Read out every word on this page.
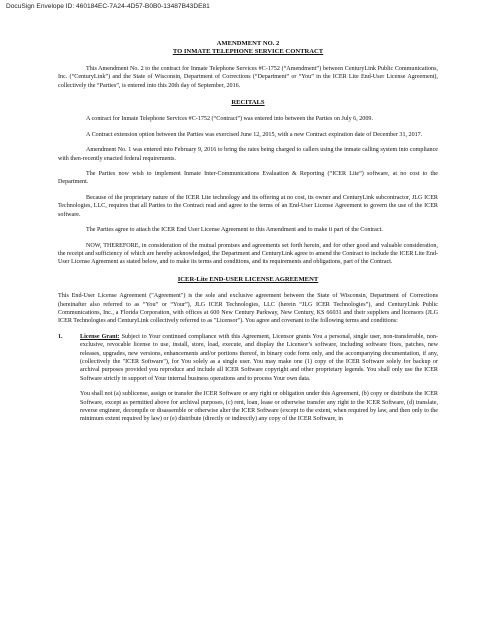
DocuSign Envelope ID: 460184EC-7A24-4D57-B0B0-13487B43DE81
AMENDMENT NO. 2
TO INMATE TELEPHONE SERVICE CONTRACT

This Amendment No. 2 to the contract for Inmate Telephone Services #C-1752 (“Amendment”) between CenturyLink Public Communications, Inc. (“CenturyLink”) and the State of Wisconsin, Department of Corrections (“Department” or “You” in the ICER Lite End-User License Agreement), collectively the “Parties”, is entered into this 20th day of September, 2016.

RECITALS

A contract for Inmate Telephone Services #C-1752 (“Contract”) was entered into between the Parties on July 6, 2009.

A Contract extension option between the Parties was exercised June 12, 2015, with a new Contract expiration date of December 31, 2017.

Amendment No. 1 was entered into February 9, 2016 to bring the rates being charged to callers using the inmate calling system into compliance with then-recently enacted federal requirements.

The Parties now wish to implement Inmate Inter-Communications Evaluation & Reporting (“ICER Lite”) software, at no cost to the Department.

Because of the proprietary nature of the ICER Lite technology and its offering at no cost, its owner and CenturyLink subcontractor, JLG ICER Technologies, LLC, requires that all Parties to the Contract read and agree to the terms of an End-User License Agreement to govern the use of the ICER software.

The Parties agree to attach the ICER End User License Agreement to this Amendment and to make it part of the Contract.

NOW, THEREFORE, in consideration of the mutual promises and agreements set forth herein, and for other good and valuable consideration, the receipt and sufficiency of which are hereby acknowledged, the Department and CenturyLink agree to amend the Contract to include the ICER Lite End-User License Agreement as stated below, and to make its terms and conditions, and its requirements and obligations, part of the Contract.

ICER-Lite END-USER LICENSE AGREEMENT

This End-User License Agreement ("Agreement") is the sole and exclusive agreement between the State of Wisconsin, Department of Corrections (hereinafter also referred to as “You” or “Your”), JLG ICER Technologies, LLC (herein “JLG ICER Technologies”), and CenturyLink Public Communications, Inc., a Florida Corporation, with offices at 600 New Century Parkway, New Century, KS 66031 and their suppliers and licensors (JLG ICER Technologies and CenturyLink collectively referred to as "Licensor"). You agree and covenant to the following terms and conditions:

1.	License Grant: Subject to Your continued compliance with this Agreement, Licensor grants You a personal, single user, non-transferable, non-exclusive, revocable license to use, install, store, load, execute, and display the Licensor’s software, including software fixes, patches, new releases, upgrades, new versions, enhancements and/or portions thereof, in binary code form only, and the accompanying documentation, if any, (collectively the "ICER Software"), for You solely as a single user. You may make one (1) copy of the ICER Software solely for backup or archival purposes provided you reproduce and include all ICER Software copyright and other proprietary legends. You shall only use the ICER Software strictly in support of Your internal business operations and to process Your own data.

You shall not (a) sublicense, assign or transfer the ICER Software or any right or obligation under this Agreement, (b) copy or distribute the ICER Software, except as permitted above for archival purposes, (c) rent, loan, lease or otherwise transfer any right to the ICER Software, (d) translate, reverse engineer, decompile or disassemble or otherwise alter the ICER Software (except to the extent, when required by law, and then only to the minimum extent required by law) or (e) distribute (directly or indirectly) any copy of the ICER Software, in
